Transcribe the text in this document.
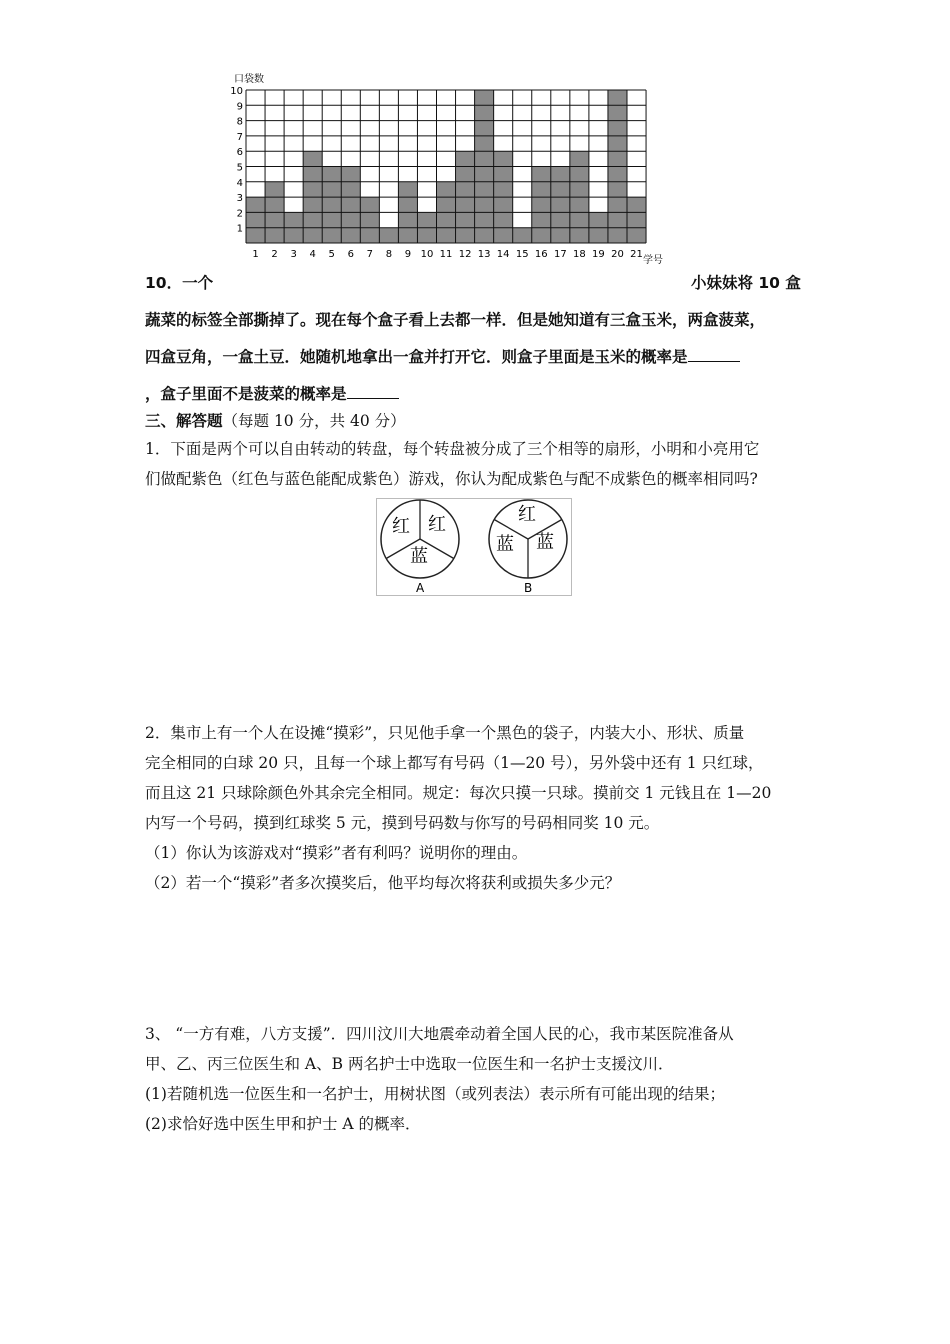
口袋数
1
2
3
4
5
6
7
8
9
10
1 2 3 4 5 6 7 8 9 10 11 12 13 14 15 16 17 18 19 20 21
学号
10．一个	小妹妹将 10 盒
蔬菜的标签全部撕掉了。现在每个盒子看上去都一样．但是她知道有三盒玉米，两盒菠菜，
四盒豆角，一盒土豆．她随机地拿出一盒并打开它．则盒子里面是玉米的概率是
，盒子里面不是菠菜的概率是
三、解答题（每题 10 分，共 40 分）
1．下面是两个可以自由转动的转盘，每个转盘被分成了三个相等的扇形，小明和小亮用它
们做配紫色（红色与蓝色能配成紫色）游戏，你认为配成紫色与配不成紫色的概率相同吗?
红 红
蓝
A
红
蓝 蓝
B
2．集市上有一个人在设摊“摸彩”，只见他手拿一个黑色的袋子，内装大小、形状、质量
完全相同的白球 20 只，且每一个球上都写有号码（1—20 号），另外袋中还有 1 只红球，
而且这 21 只球除颜色外其余完全相同。规定：每次只摸一只球。摸前交 1 元钱且在 1—20
内写一个号码，摸到红球奖 5 元，摸到号码数与你写的号码相同奖 10 元。
（1）你认为该游戏对“摸彩”者有利吗？说明你的理由。
（2）若一个“摸彩”者多次摸奖后，他平均每次将获利或损失多少元？
3、 “一方有难，八方支援”．四川汶川大地震牵动着全国人民的心，我市某医院准备从
甲、乙、丙三位医生和 A、B 两名护士中选取一位医生和一名护士支援汶川．
(1)若随机选一位医生和一名护士，用树状图（或列表法）表示所有可能出现的结果；
(2)求恰好选中医生甲和护士 A 的概率．
